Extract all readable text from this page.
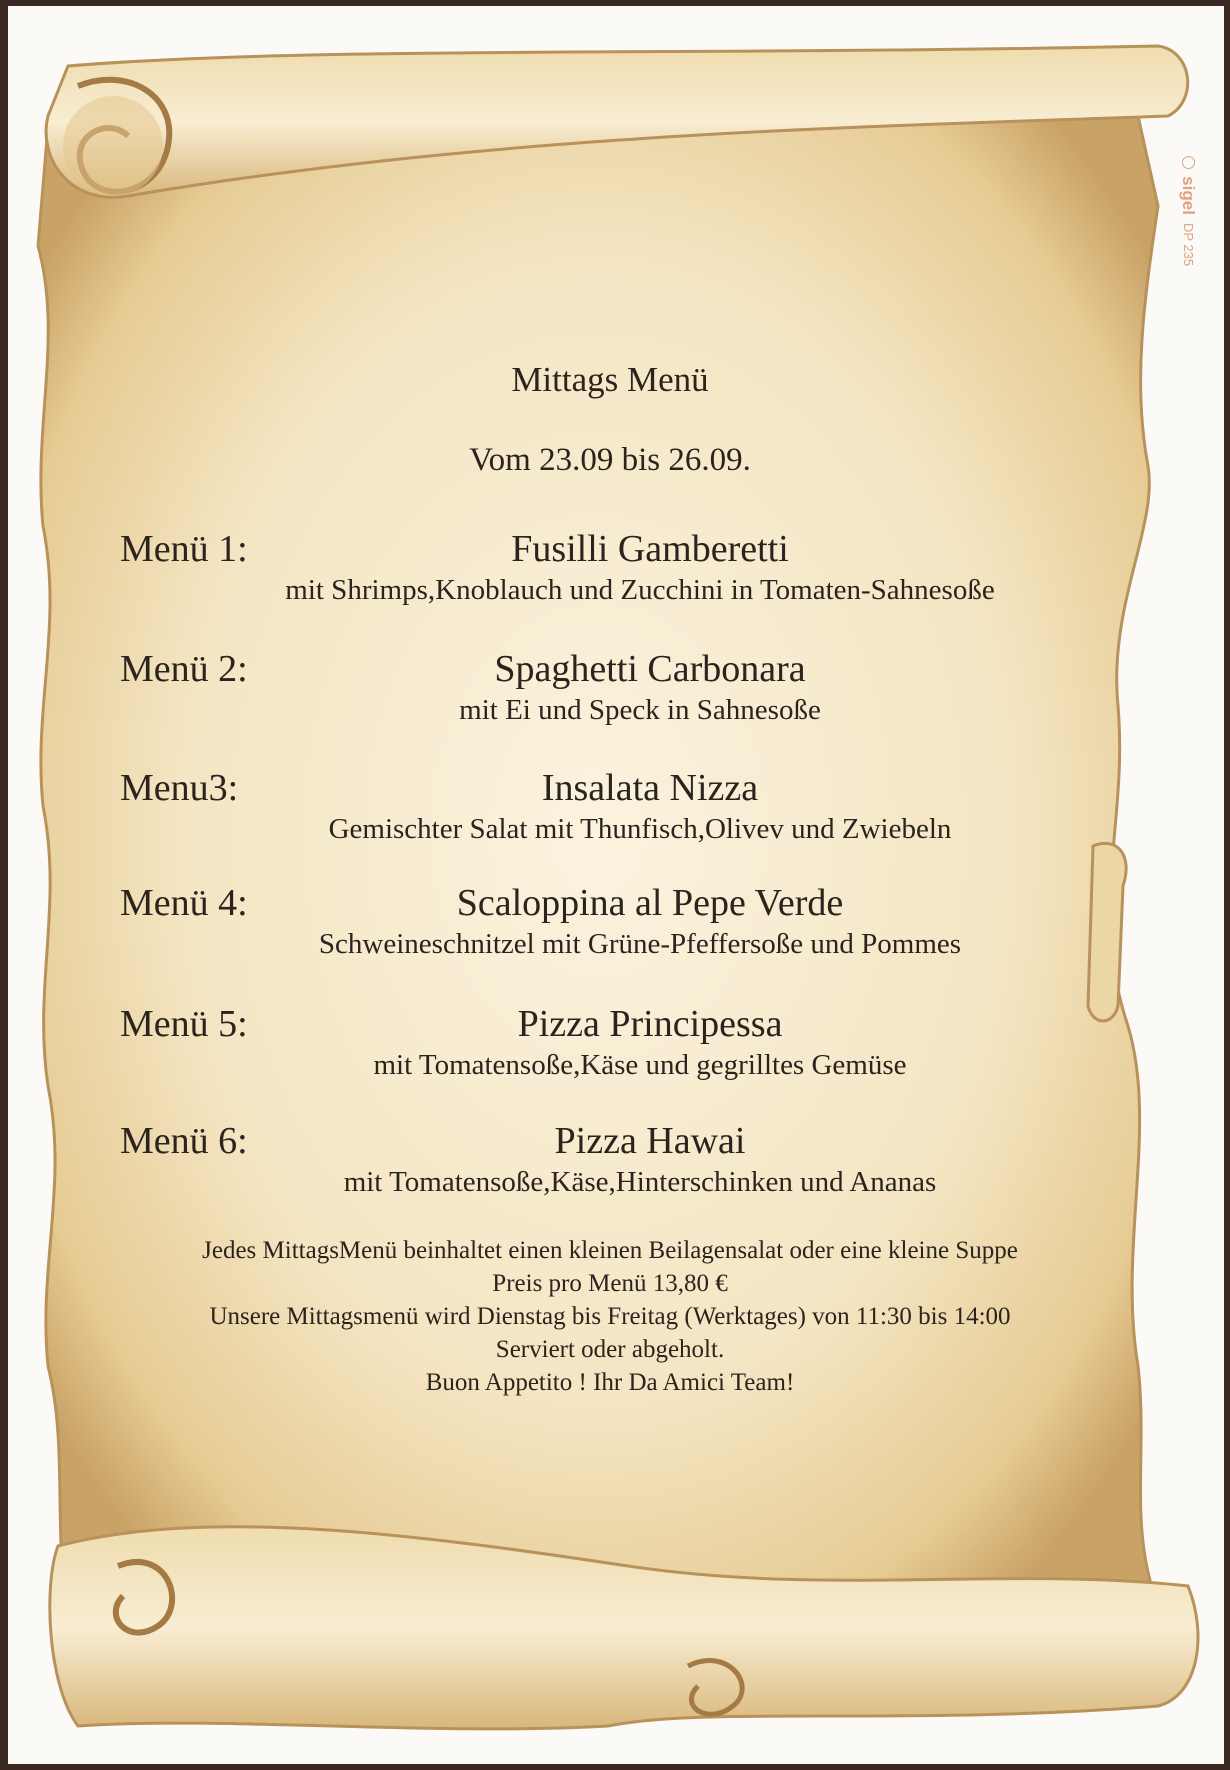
sigel DP 235
Mittags Menü
Vom 23.09 bis 26.09.
Menü 1:	Fusilli Gamberetti
mit Shrimps,Knoblauch und Zucchini in Tomaten-Sahnesoße
Menü 2:	Spaghetti Carbonara
mit Ei und Speck in Sahnesoße
Menu3:	Insalata Nizza
Gemischter Salat mit Thunfisch,Olivev und Zwiebeln
Menü 4:	Scaloppina al Pepe Verde
Schweineschnitzel mit Grüne-Pfeffersoße und Pommes
Menü 5:	Pizza Principessa
mit Tomatensoße,Käse und gegrilltes Gemüse
Menü 6:	Pizza Hawai
mit Tomatensoße,Käse,Hinterschinken und Ananas
Jedes MittagsMenü beinhaltet einen kleinen Beilagensalat oder eine kleine Suppe
Preis pro Menü 13,80 €
Unsere Mittagsmenü wird Dienstag bis Freitag (Werktages) von 11:30 bis 14:00
Serviert oder abgeholt.
Buon Appetito ! Ihr Da Amici Team!
